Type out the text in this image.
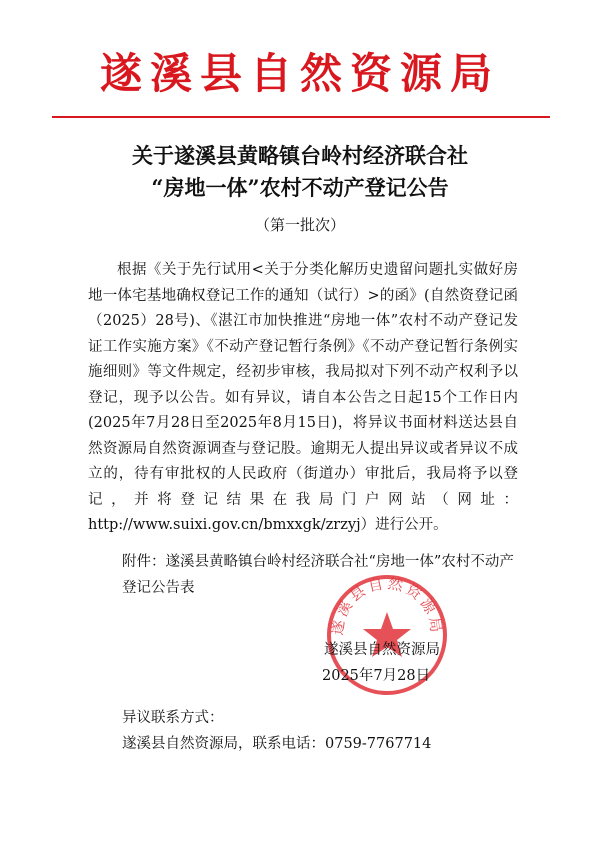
遂溪县自然资源局
关于遂溪县黄略镇台岭村经济联合社
“房地一体”农村不动产登记公告
（第一批次）

根据《关于先行试用<关于分类化解历史遗留问题扎实做好房地一体宅基地确权登记工作的通知（试行）>的函》(自然资登记函（2025）28号)、《湛江市加快推进“房地一体”农村不动产登记发证工作实施方案》《不动产登记暂行条例》《不动产登记暂行条例实施细则》等文件规定，经初步审核，我局拟对下列不动产权利予以登记，现予以公告。如有异议，请自本公告之日起15个工作日内(2025年7月28日至2025年8月15日)，将异议书面材料送达县自然资源局自然资源调查与登记股。逾期无人提出异议或者异议不成立的，待有审批权的人民政府（街道办）审批后，我局将予以登记，并将登记结果在我局门户网站（网址：http://www.suixi.gov.cn/bmxxgk/zrzyj）进行公开。

附件：遂溪县黄略镇台岭村经济联合社“房地一体”农村不动产登记公告表

遂溪县自然资源局
遂溪县自然资源局
2025年7月28日
异议联系方式：
遂溪县自然资源局，联系电话：0759-7767714
